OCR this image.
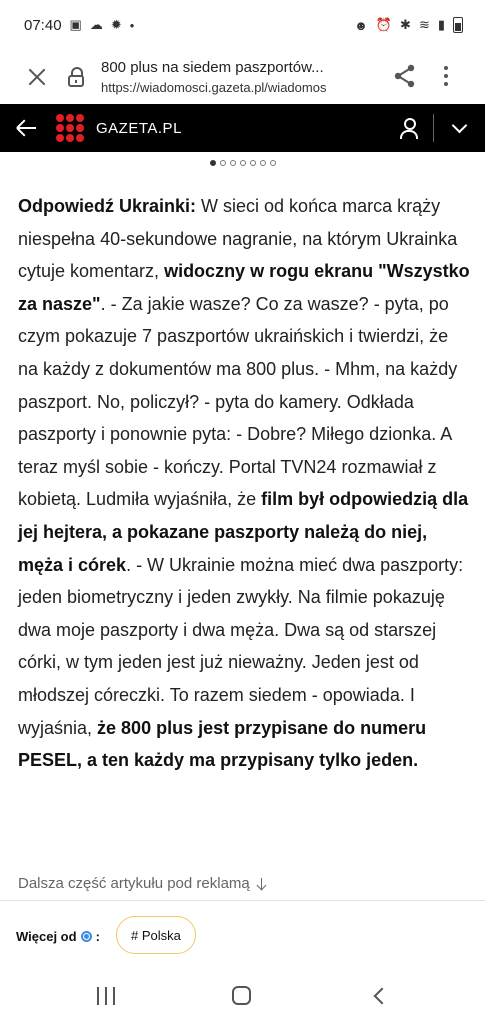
07:40 ▣ ☁ ✹ •	☻ ⏰ ✱ ≋ ▮
800 plus na siedem paszportów...
https://wiadomosci.gazeta.pl/wiadomos
GAZETA.PL

Odpowiedź Ukrainki: W sieci od końca marca krąży niespełna 40-sekundowe nagranie, na którym Ukrainka cytuje komentarz, widoczny w rogu ekranu "Wszystko za nasze". - Za jakie wasze? Co za wasze? - pyta, po czym pokazuje 7 paszportów ukraińskich i twierdzi, że na każdy z dokumentów ma 800 plus. - Mhm, na każdy paszport. No, policzył? - pyta do kamery. Odkłada paszporty i ponownie pyta: - Dobre? Miłego dzionka. A teraz myśl sobie - kończy. Portal TVN24 rozmawiał z kobietą. Ludmiła wyjaśniła, że film był odpowiedzią dla jej hejtera, a pokazane paszporty należą do niej, męża i córek. - W Ukrainie można mieć dwa paszporty: jeden biometryczny i jeden zwykły. Na filmie pokazuję dwa moje paszporty i dwa męża. Dwa są od starszej córki, w tym jeden jest już nieważny. Jeden jest od młodszej córeczki. To razem siedem - opowiada. I wyjaśnia, że 800 plus jest przypisane do numeru PESEL, a ten każdy ma przypisany tylko jeden.

Dalsza część artykułu pod reklamą
Więcej od : # Polska
